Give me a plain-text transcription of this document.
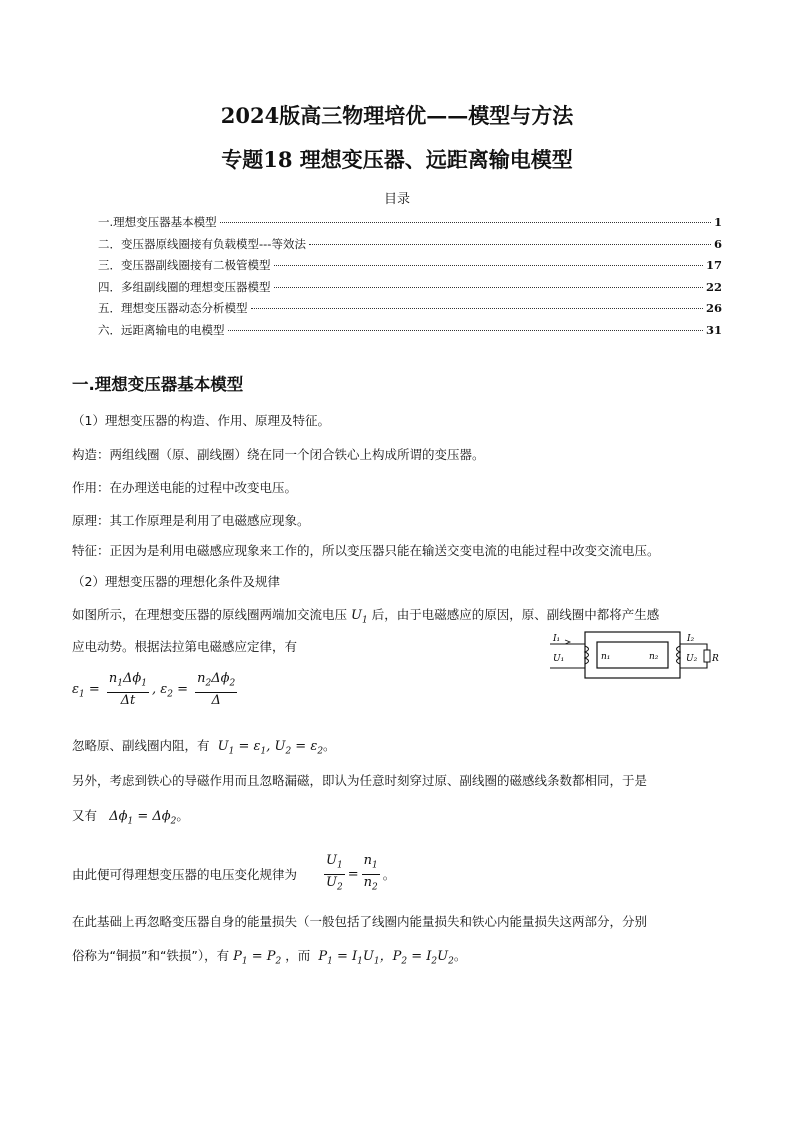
2024版高三物理培优——模型与方法
专题18 理想变压器、远距离输电模型
目录
一.理想变压器基本模型	1
二．变压器原线圈接有负载模型---等效法	6
三．变压器副线圈接有二极管模型	17
四．多组副线圈的理想变压器模型	22
五．理想变压器动态分析模型	26
六．远距离输电的电模型	31
一.理想变压器基本模型
（1）理想变压器的构造、作用、原理及特征。
构造：两组线圈（原、副线圈）绕在同一个闭合铁心上构成所谓的变压器。
作用：在办理送电能的过程中改变电压。
原理：其工作原理是利用了电磁感应现象。
特征：正因为是利用电磁感应现象来工作的，所以变压器只能在输送交变电流的电能过程中改变交流电压。
（2）理想变压器的理想化条件及规律
如图所示，在理想变压器的原线圈两端加交流电压 $U_1$ 后，由于电磁感应的原因，原、副线圈中都将产生感
应电动势。根据法拉第电磁感应定律，有	I₁
U₁	n₁	n₂
I₂
U₂ R
$\varepsilon_1 = \frac{n_1\Delta\phi_1}{\Delta t}$ , $\varepsilon_2 = \frac{n_2\Delta\phi_2}{\Delta}$
忽略原、副线圈内阻，有  $U_1 = \varepsilon_1$, $U_2 = \varepsilon_2$。
另外，考虑到铁心的导磁作用而且忽略漏磁，即认为任意时刻穿过原、副线圈的磁感线条数都相同，于是
又有   $\Delta\phi_1 = \Delta\phi_2$。
由此便可得理想变压器的电压变化规律为 $\frac{U_1}{U_2} = \frac{n_1}{n_2}$ 。
在此基础上再忽略变压器自身的能量损失（一般包括了线圈内能量损失和铁心内能量损失这两部分，分别
俗称为“铜损”和“铁损”），有 $P_1 = P_2$ ，而  $P_1 = I_1U_1$，$P_2 = I_2U_2$。
